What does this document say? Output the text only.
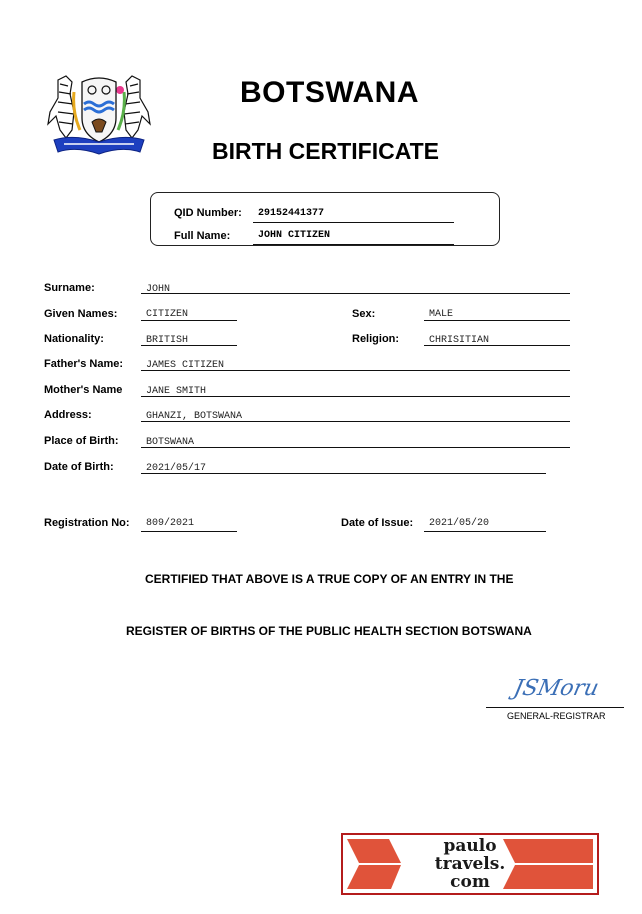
BOTSWANA
BIRTH CERTIFICATE
QID Number: 29152441377
Full Name:	JOHN CITIZEN
Surname:	JOHN
Given Names:	CITIZEN	Sex:	MALE
Nationality:	BRITISH	Religion:	CHRISITIAN
Father's Name: JAMES CITIZEN
Mother's Name JANE SMITH
Address:	GHANZI, BOTSWANA
Place of Birth:	BOTSWANA
Date of Birth:	2021/05/17
Registration No: 809/2021	Date of Issue: 2021/05/20
CERTIFIED THAT ABOVE IS A TRUE COPY OF AN ENTRY IN THE
REGISTER OF BIRTHS OF THE PUBLIC HEALTH SECTION BOTSWANA
JSMoru
GENERAL-REGISTRAR
paulo
travels.
com
